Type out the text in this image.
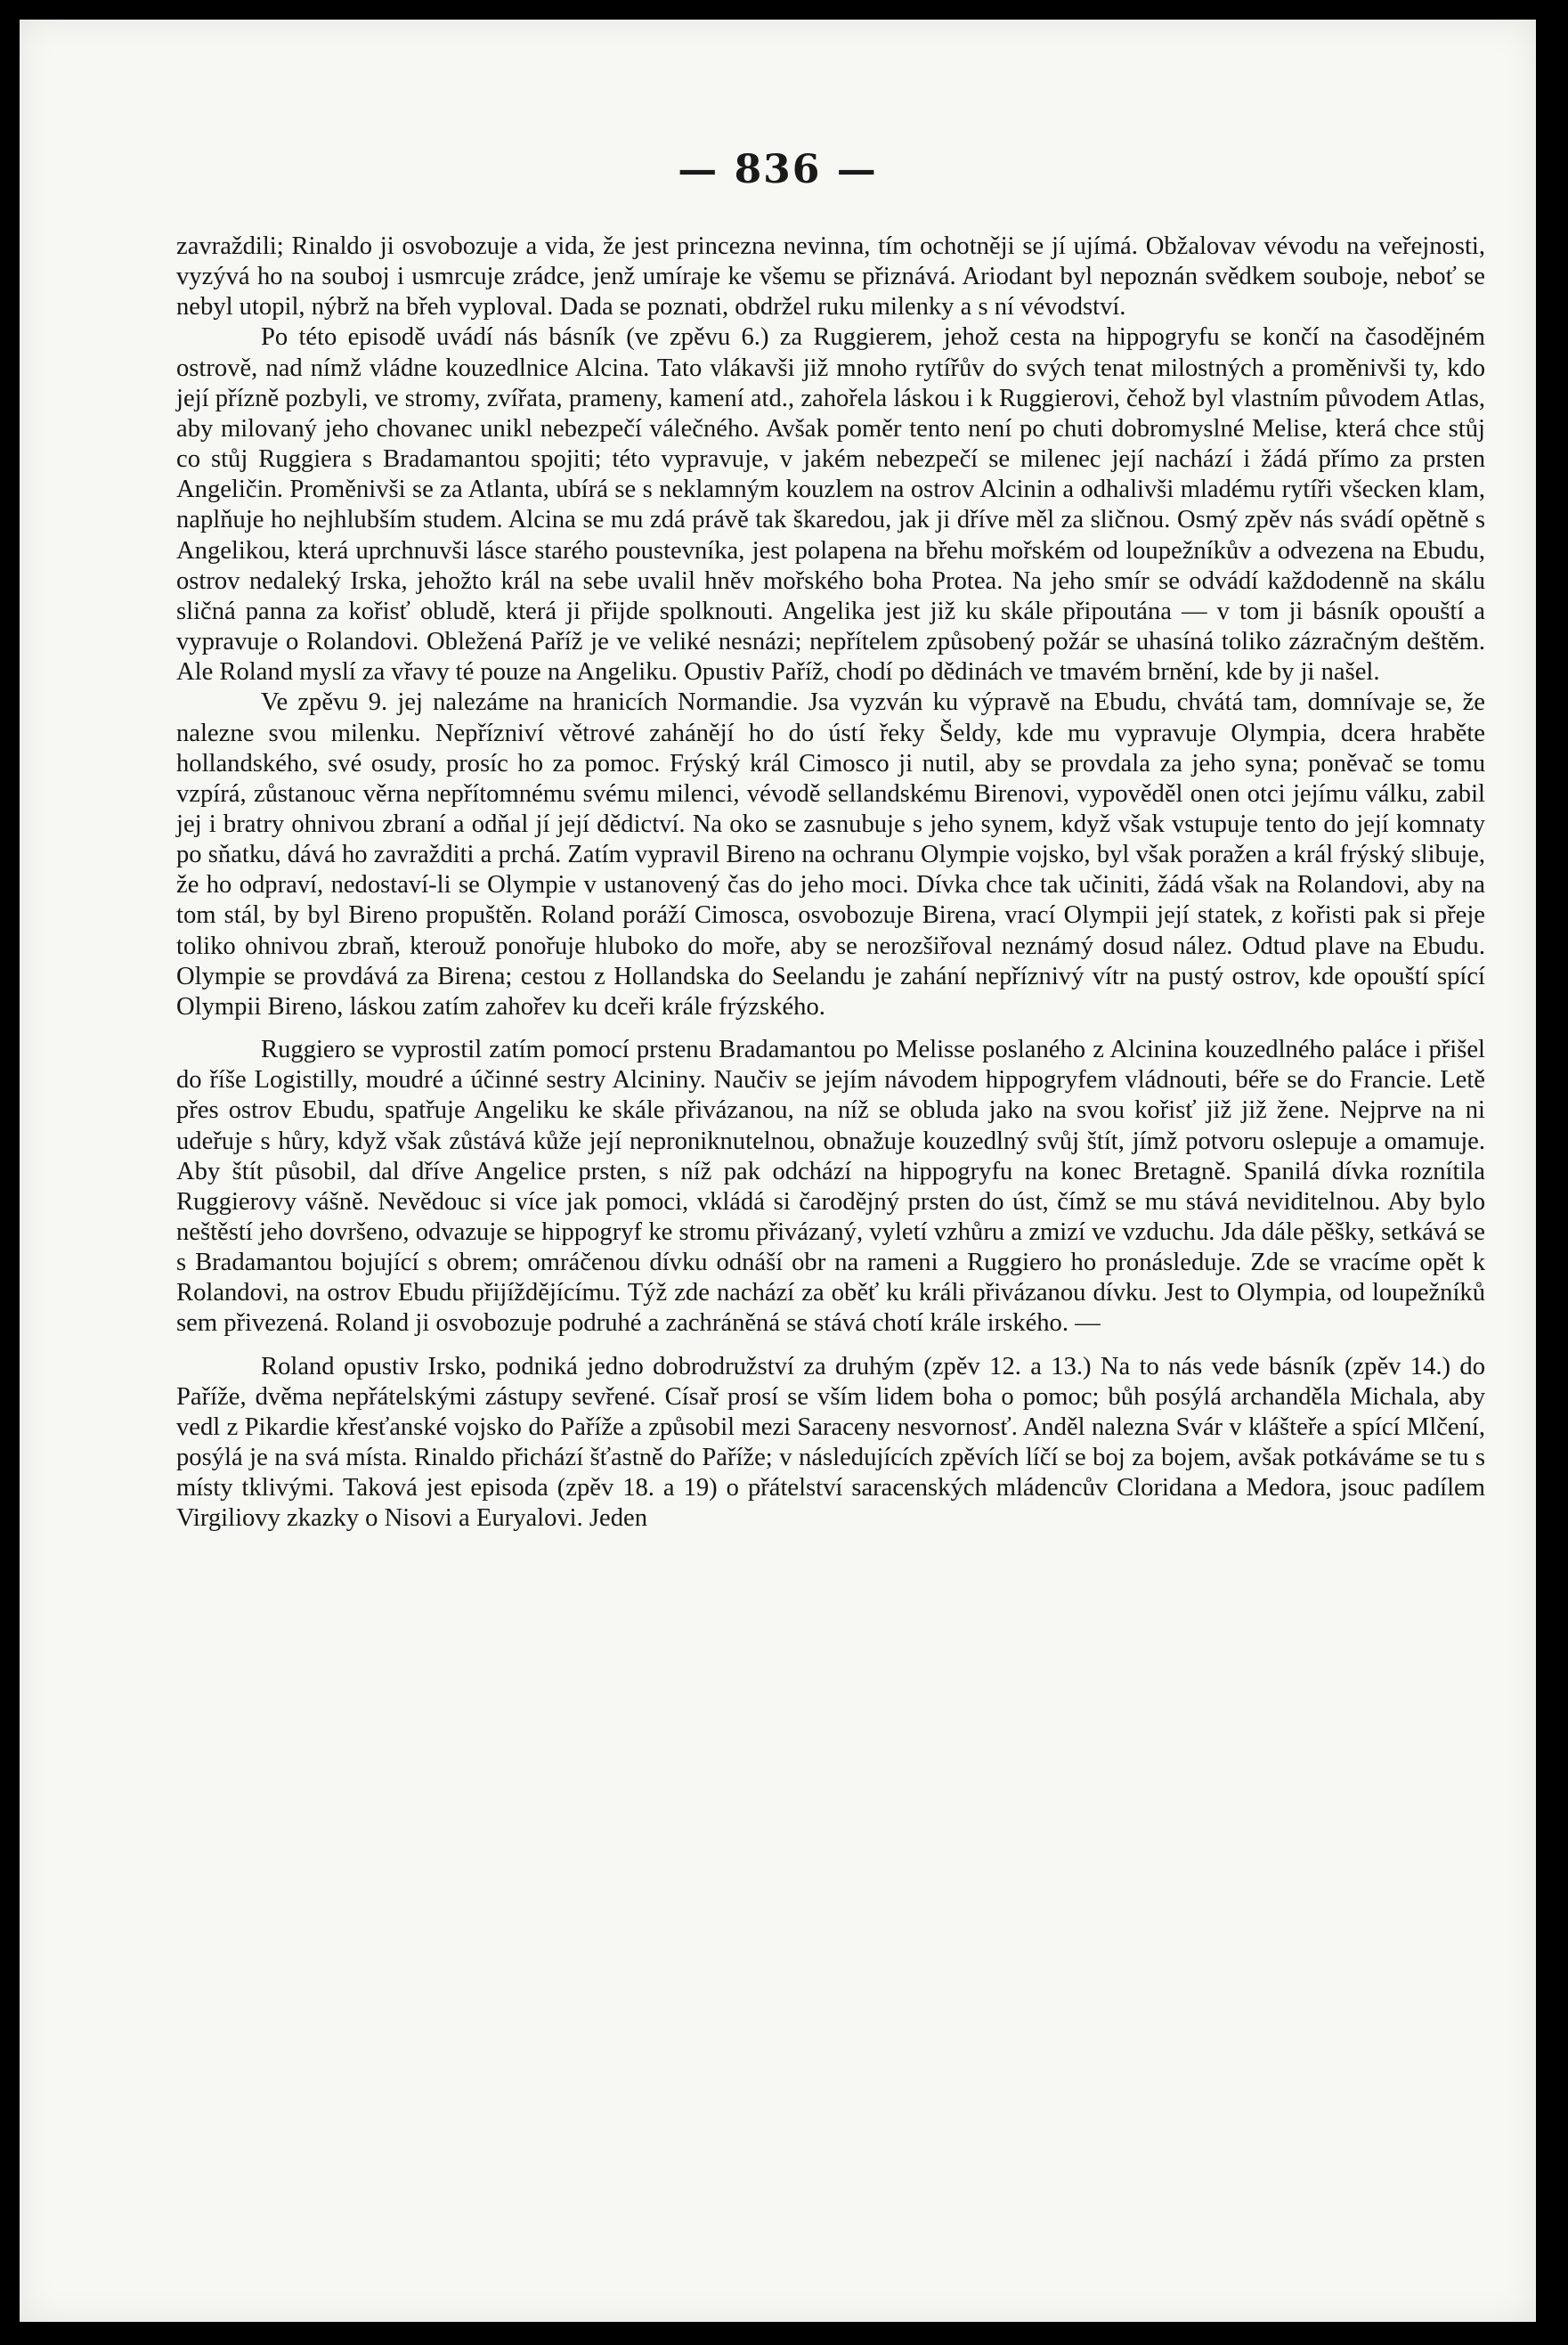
— 836 —

zavraždili; Rinaldo ji osvobozuje a vida, že jest princezna nevinna, tím ochotněji se jí ujímá. Obžalovav vévodu na veřejnosti, vyzývá ho na souboj i usmrcuje zrádce, jenž umíraje ke všemu se přiznává. Ariodant byl nepoznán svědkem souboje, neboť se nebyl utopil, nýbrž na břeh vyploval. Dada se poznati, obdržel ruku milenky a s ní vévodství.

Po této episodě uvádí nás básník (ve zpěvu 6.) za Ruggierem, jehož cesta na hippogryfu se končí na časodějném ostrově, nad nímž vládne kouzedlnice Alcina. Tato vlákavši již mnoho rytířův do svých tenat milostných a proměnivši ty, kdo její přízně pozbyli, ve stromy, zvířata, prameny, kamení atd., zahořela láskou i k Ruggierovi, čehož byl vlastním původem Atlas, aby milovaný jeho chovanec unikl nebezpečí válečného. Avšak poměr tento není po chuti dobromyslné Melise, která chce stůj co stůj Ruggiera s Bradamantou spojiti; této vypravuje, v jakém nebezpečí se milenec její nachází i žádá přímo za prsten Angeličin. Proměnivši se za Atlanta, ubírá se s neklamným kouzlem na ostrov Alcinin a odhalivši mladému rytíři všecken klam, naplňuje ho nejhlubším studem. Alcina se mu zdá právě tak škaredou, jak ji dříve měl za sličnou. Osmý zpěv nás svádí opětně s Angelikou, která uprchnuvši lásce starého poustevníka, jest polapena na břehu mořském od loupežníkův a odvezena na Ebudu, ostrov nedaleký Irska, jehožto král na sebe uvalil hněv mořského boha Protea. Na jeho smír se odvádí každodenně na skálu sličná panna za kořisť obludě, která ji přijde spolknouti. Angelika jest již ku skále připoutána — v tom ji básník opouští a vypravuje o Rolandovi. Obležená Paříž je ve veliké nesnázi; nepřítelem způsobený požár se uhasíná toliko zázračným deštěm. Ale Roland myslí za vřavy té pouze na Angeliku. Opustiv Paříž, chodí po dědinách ve tmavém brnění, kde by ji našel.

Ve zpěvu 9. jej nalezáme na hranicích Normandie. Jsa vyzván ku výpravě na Ebudu, chvátá tam, domnívaje se, že nalezne svou milenku. Nepřízniví větrové zahánějí ho do ústí řeky Šeldy, kde mu vypravuje Olympia, dcera hraběte hollandského, své osudy, prosíc ho za pomoc. Frýský král Cimosco ji nutil, aby se provdala za jeho syna; poněvač se tomu vzpírá, zůstanouc věrna nepřítomnému svému milenci, vévodě sellandskému Birenovi, vypověděl onen otci jejímu válku, zabil jej i bratry ohnivou zbraní a odňal jí její dědictví. Na oko se zasnubuje s jeho synem, když však vstupuje tento do její komnaty po sňatku, dává ho zavražditi a prchá. Zatím vypravil Bireno na ochranu Olympie vojsko, byl však poražen a král frýský slibuje, že ho odpraví, nedostaví-li se Olympie v ustanovený čas do jeho moci. Dívka chce tak učiniti, žádá však na Rolandovi, aby na tom stál, by byl Bireno propuštěn. Roland poráží Cimosca, osvobozuje Birena, vrací Olympii její statek, z kořisti pak si přeje toliko ohnivou zbraň, kterouž ponořuje hluboko do moře, aby se nerozšiřoval neznámý dosud nález. Odtud plave na Ebudu. Olympie se provdává za Birena; cestou z Hollandska do Seelandu je zahání nepříznivý vítr na pustý ostrov, kde opouští spící Olympii Bireno, láskou zatím zahořev ku dceři krále frýzského.

Ruggiero se vyprostil zatím pomocí prstenu Bradamantou po Melisse poslaného z Alcinina kouzedlného paláce i přišel do říše Logistilly, moudré a účinné sestry Alcininy. Naučiv se jejím návodem hippogryfem vládnouti, béře se do Francie. Letě přes ostrov Ebudu, spatřuje Angeliku ke skále přivázanou, na níž se obluda jako na svou kořisť již již žene. Nejprve na ni udeřuje s hůry, když však zůstává kůže její neproniknutelnou, obnažuje kouzedlný svůj štít, jímž potvoru oslepuje a omamuje. Aby štít působil, dal dříve Angelice prsten, s níž pak odchází na hippogryfu na konec Bretagně. Spanilá dívka roznítila Ruggierovy vášně. Nevědouc si více jak pomoci, vkládá si čarodějný prsten do úst, čímž se mu stává neviditelnou. Aby bylo neštěstí jeho dovršeno, odvazuje se hippogryf ke stromu přivázaný, vyletí vzhůru a zmizí ve vzduchu. Jda dále pěšky, setkává se s Bradamantou bojující s obrem; omráčenou dívku odnáší obr na rameni a Ruggiero ho pronásleduje. Zde se vracíme opět k Rolandovi, na ostrov Ebudu přijíždějícímu. Týž zde nachází za oběť ku králi přivázanou dívku. Jest to Olympia, od loupežníků sem přivezená. Roland ji osvobozuje podruhé a zachráněná se stává chotí krále irského. —

Roland opustiv Irsko, podniká jedno dobrodružství za druhým (zpěv 12. a 13.) Na to nás vede básník (zpěv 14.) do Paříže, dvěma nepřátelskými zástupy sevřené. Císař prosí se vším lidem boha o pomoc; bůh posýlá archanděla Michala, aby vedl z Pikardie křesťanské vojsko do Paříže a způsobil mezi Saraceny nesvornosť. Anděl nalezna Svár v klášteře a spící Mlčení, posýlá je na svá místa. Rinaldo přichází šťastně do Paříže; v následujících zpěvích líčí se boj za bojem, avšak potkáváme se tu s místy tklivými. Taková jest episoda (zpěv 18. a 19) o přátelství saracenských mládencův Cloridana a Medora, jsouc padílem Virgiliovy zkazky o Nisovi a Euryalovi. Jeden
